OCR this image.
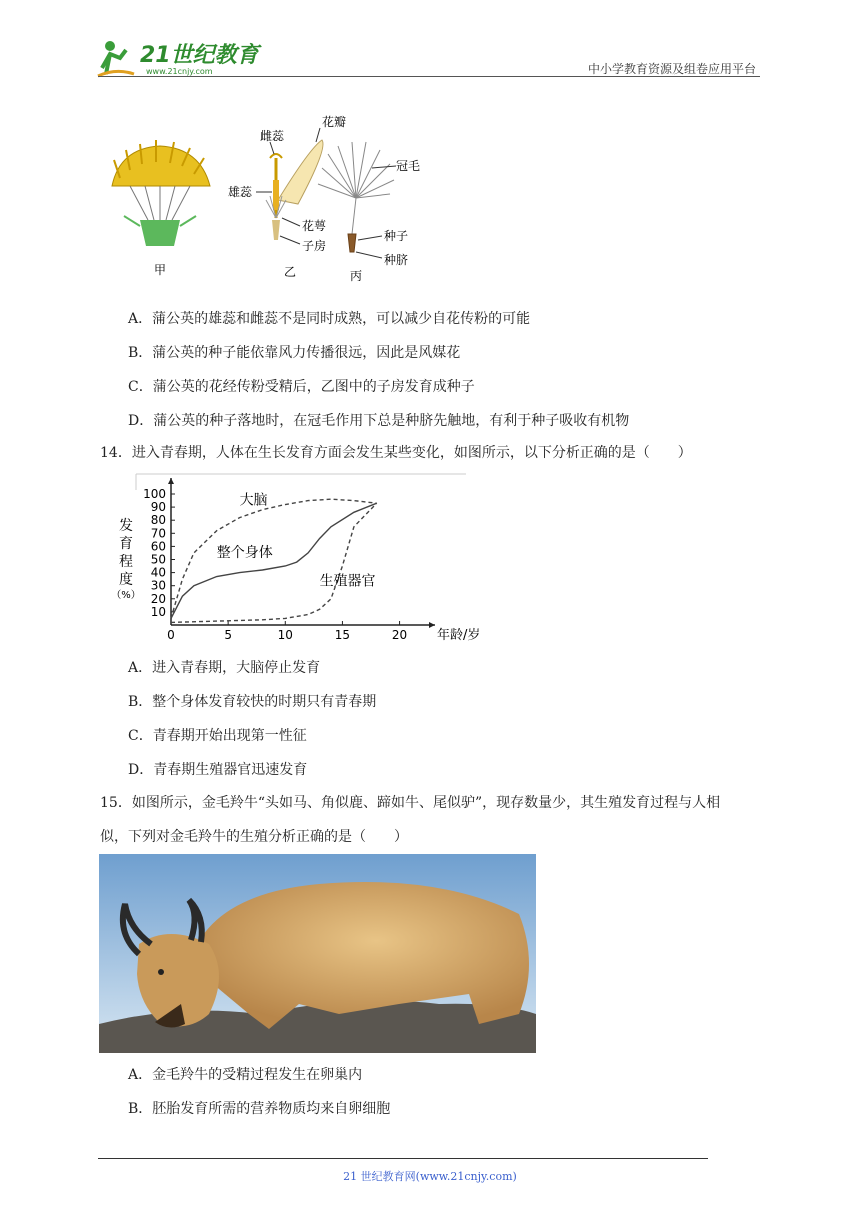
21世纪教育
www.21cnjy.com	中小学教育资源及组卷应用平台
甲
花瓣
雌蕊
雄蕊
花萼
子房
乙
冠毛
种子
种脐
丙
A．蒲公英的雄蕊和雌蕊不是同时成熟，可以减少自花传粉的可能
B．蒲公英的种子能依靠风力传播很远，因此是风媒花
C．蒲公英的花经传粉受精后，乙图中的子房发育成种子
D．蒲公英的种子落地时，在冠毛作用下总是种脐先触地，有利于种子吸收有机物
14．进入青春期，人体在生长发育方面会发生某些变化，如图所示，以下分析正确的是（　　）
发
育
程
度
（%）
10
20
30
40
50
60
70
80
90
100
0	5	10	15	20 年龄/岁
大脑
整个身体
生殖器官
A．进入青春期，大脑停止发育
B．整个身体发育较快的时期只有青春期
C．青春期开始出现第一性征
D．青春期生殖器官迅速发育
15．如图所示，金毛羚牛“头如马、角似鹿、蹄如牛、尾似驴”，现存数量少，其生殖发育过程与人相
似，下列对金毛羚牛的生殖分析正确的是（　　）
A．金毛羚牛的受精过程发生在卵巢内
B．胚胎发育所需的营养物质均来自卵细胞
21 世纪教育网(www.21cnjy.com)
